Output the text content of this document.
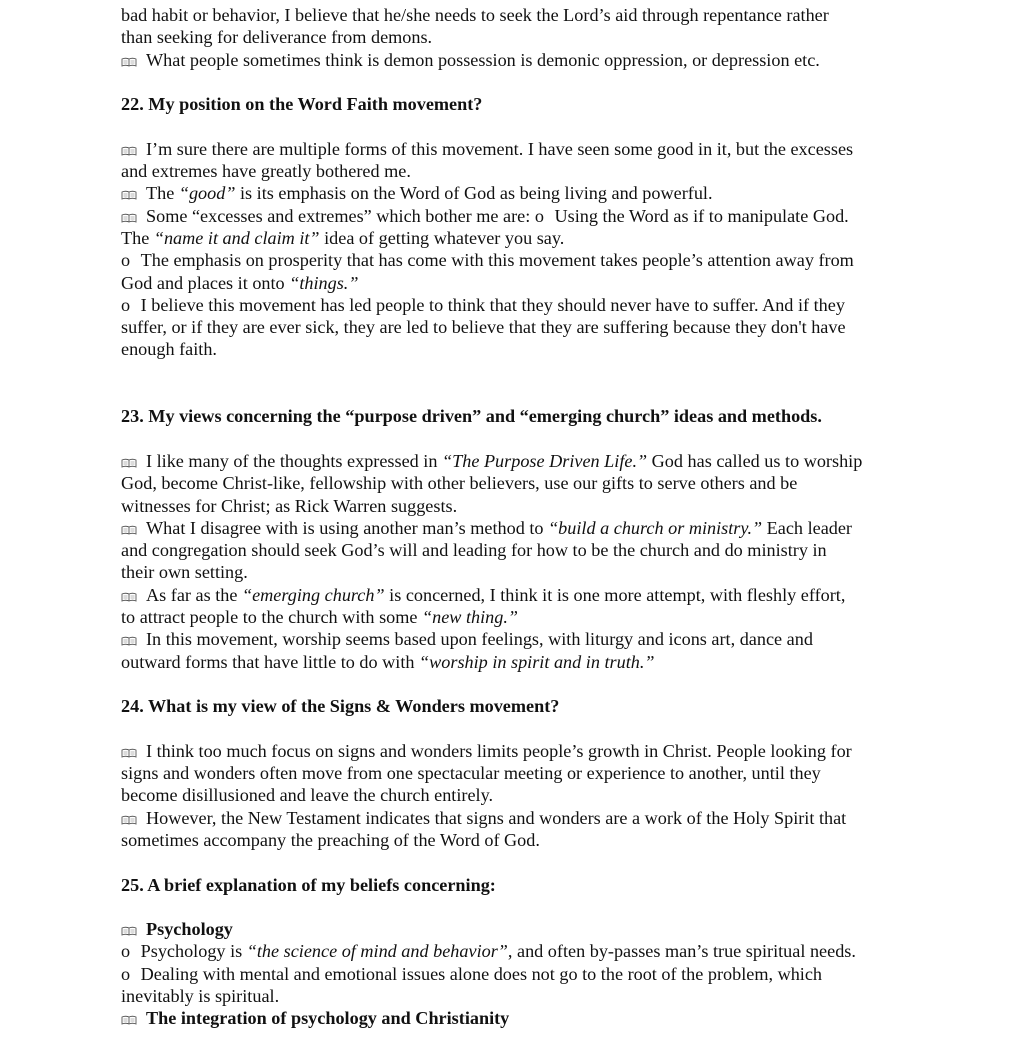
bad habit or behavior, I believe that he/she needs to seek the Lord’s aid through repentance rather
than seeking for deliverance from demons.
What people sometimes think is demon possession is demonic oppression, or depression etc.
22. My position on the Word Faith movement?
I’m sure there are multiple forms of this movement. I have seen some good in it, but the excesses
and extremes have greatly bothered me.
The “good” is its emphasis on the Word of God as being living and powerful.
Some “excesses and extremes” which bother me are: o Using the Word as if to manipulate God.
The “name it and claim it” idea of getting whatever you say.
o The emphasis on prosperity that has come with this movement takes people’s attention away from
God and places it onto “things.”
o I believe this movement has led people to think that they should never have to suffer. And if they
suffer, or if they are ever sick, they are led to believe that they are suffering because they don't have
enough faith.
23. My views concerning the “purpose driven” and “emerging church” ideas and methods.
I like many of the thoughts expressed in “The Purpose Driven Life.” God has called us to worship
God, become Christ-like, fellowship with other believers, use our gifts to serve others and be
witnesses for Christ; as Rick Warren suggests.
What I disagree with is using another man’s method to “build a church or ministry.” Each leader
and congregation should seek God’s will and leading for how to be the church and do ministry in
their own setting.
As far as the “emerging church” is concerned, I think it is one more attempt, with fleshly effort,
to attract people to the church with some “new thing.”
In this movement, worship seems based upon feelings, with liturgy and icons art, dance and
outward forms that have little to do with “worship in spirit and in truth.”
24. What is my view of the Signs & Wonders movement?
I think too much focus on signs and wonders limits people’s growth in Christ. People looking for
signs and wonders often move from one spectacular meeting or experience to another, until they
become disillusioned and leave the church entirely.
However, the New Testament indicates that signs and wonders are a work of the Holy Spirit that
sometimes accompany the preaching of the Word of God.
25. A brief explanation of my beliefs concerning:
Psychology
o Psychology is “the science of mind and behavior”, and often by-passes man’s true spiritual needs.
o Dealing with mental and emotional issues alone does not go to the root of the problem, which
inevitably is spiritual.
The integration of psychology and Christianity
